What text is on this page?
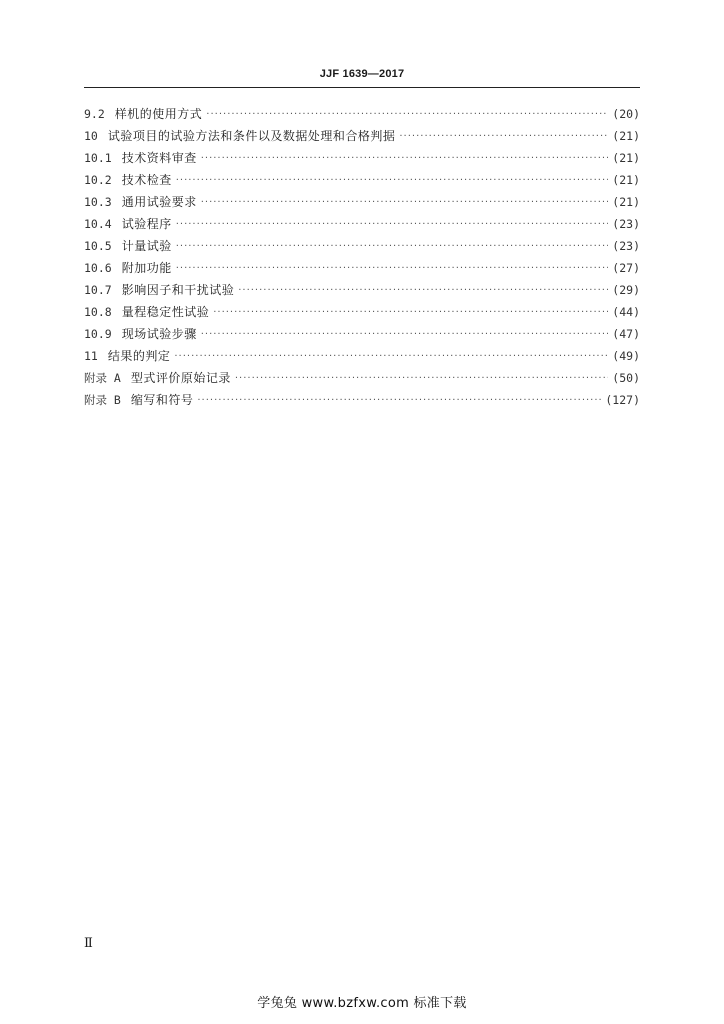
JJF 1639—2017
9.2 样机的使用方式 ·····	(20)
10 试验项目的试验方法和条件以及数据处理和合格判据 ·····	(21)
10.1 技术资料审查 ·····	(21)
10.2 技术检查 ·····	(21)
10.3 通用试验要求 ·····	(21)
10.4 试验程序 ·····	(23)
10.5 计量试验 ·····	(23)
10.6 附加功能 ·····	(27)
10.7 影响因子和干扰试验 ·····	(29)
10.8 量程稳定性试验 ·····	(44)
10.9 现场试验步骤 ·····	(47)
11 结果的判定 ·····	(49)
附录 A 型式评价原始记录 ·····	(50)
附录 B 缩写和符号 ·····	(127)
Ⅱ
学兔兔 www.bzfxw.com 标准下载
